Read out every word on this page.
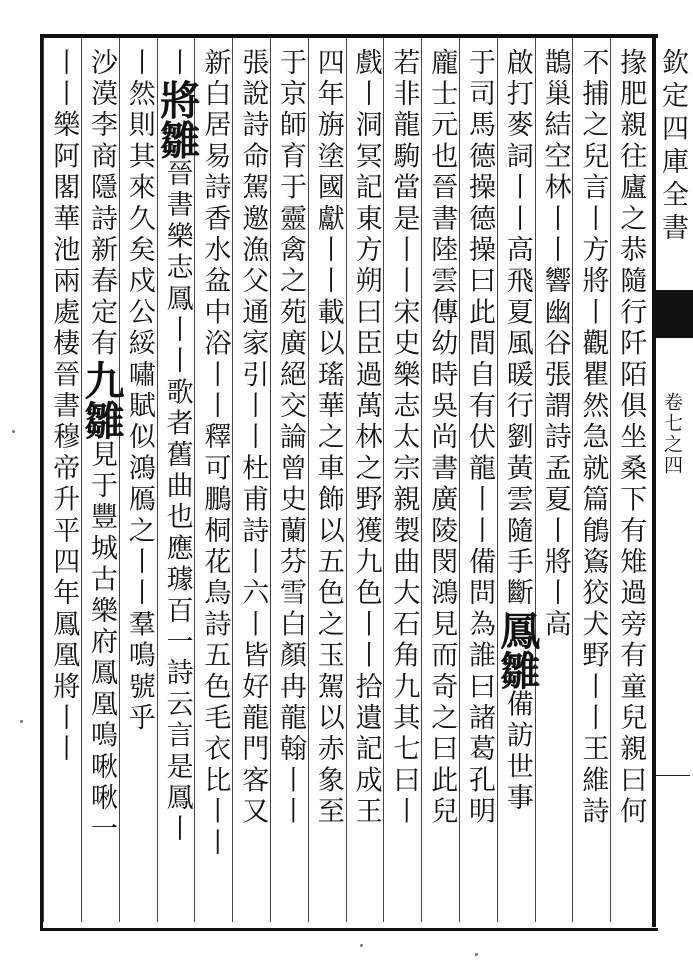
欽定四庫全書
卷七之四
掾肥親往廬之恭隨行阡陌俱坐桑下有雉過旁有童兒親曰何
不捕之兒言丨方將丨觀瞿然急就篇䳌䳐狡犬野丨丨王維詩
鵲巢結空林丨丨響幽谷張謂詩孟夏丨將丨高
啟打麥詞丨丨高飛夏風暖行劉黃雲隨手斷鳳雛備訪世事
于司馬德操德操曰此間自有伏龍丨丨備問為誰曰諸葛孔明
龐士元也晉書陸雲傳幼時吳尚書廣陵閔鴻見而奇之曰此兒
若非龍駒當是丨丨宋史樂志太宗親製曲大石角九其七曰丨
戲丨洞冥記東方朔曰臣過萬林之野獲九色丨丨拾遺記成王
四年旃塗國獻丨丨載以瑤華之車飾以五色之玉駕以赤象至
于京師育于靈禽之苑廣絕交論曾史蘭芬雪白顏冉龍翰丨丨
張說詩命駕邀漁父通家引丨丨杜甫詩丨六丨皆好龍門客又
新白居易詩香水盆中浴丨丨釋可鵬桐花鳥詩五色毛衣比丨丨
丨將雛晉書樂志鳳丨丨歌者舊曲也應璩百一詩云言是鳳丨
丨然則其來久矣戍公綏嘯賦似鴻鴈之丨丨羣鳴號乎
沙漠李商隱詩新春定有九雛見于豐城古樂府鳳凰鳴啾啾一
丨丨樂阿閣華池兩處棲晉書穆帝升平四年鳳凰將丨丨
